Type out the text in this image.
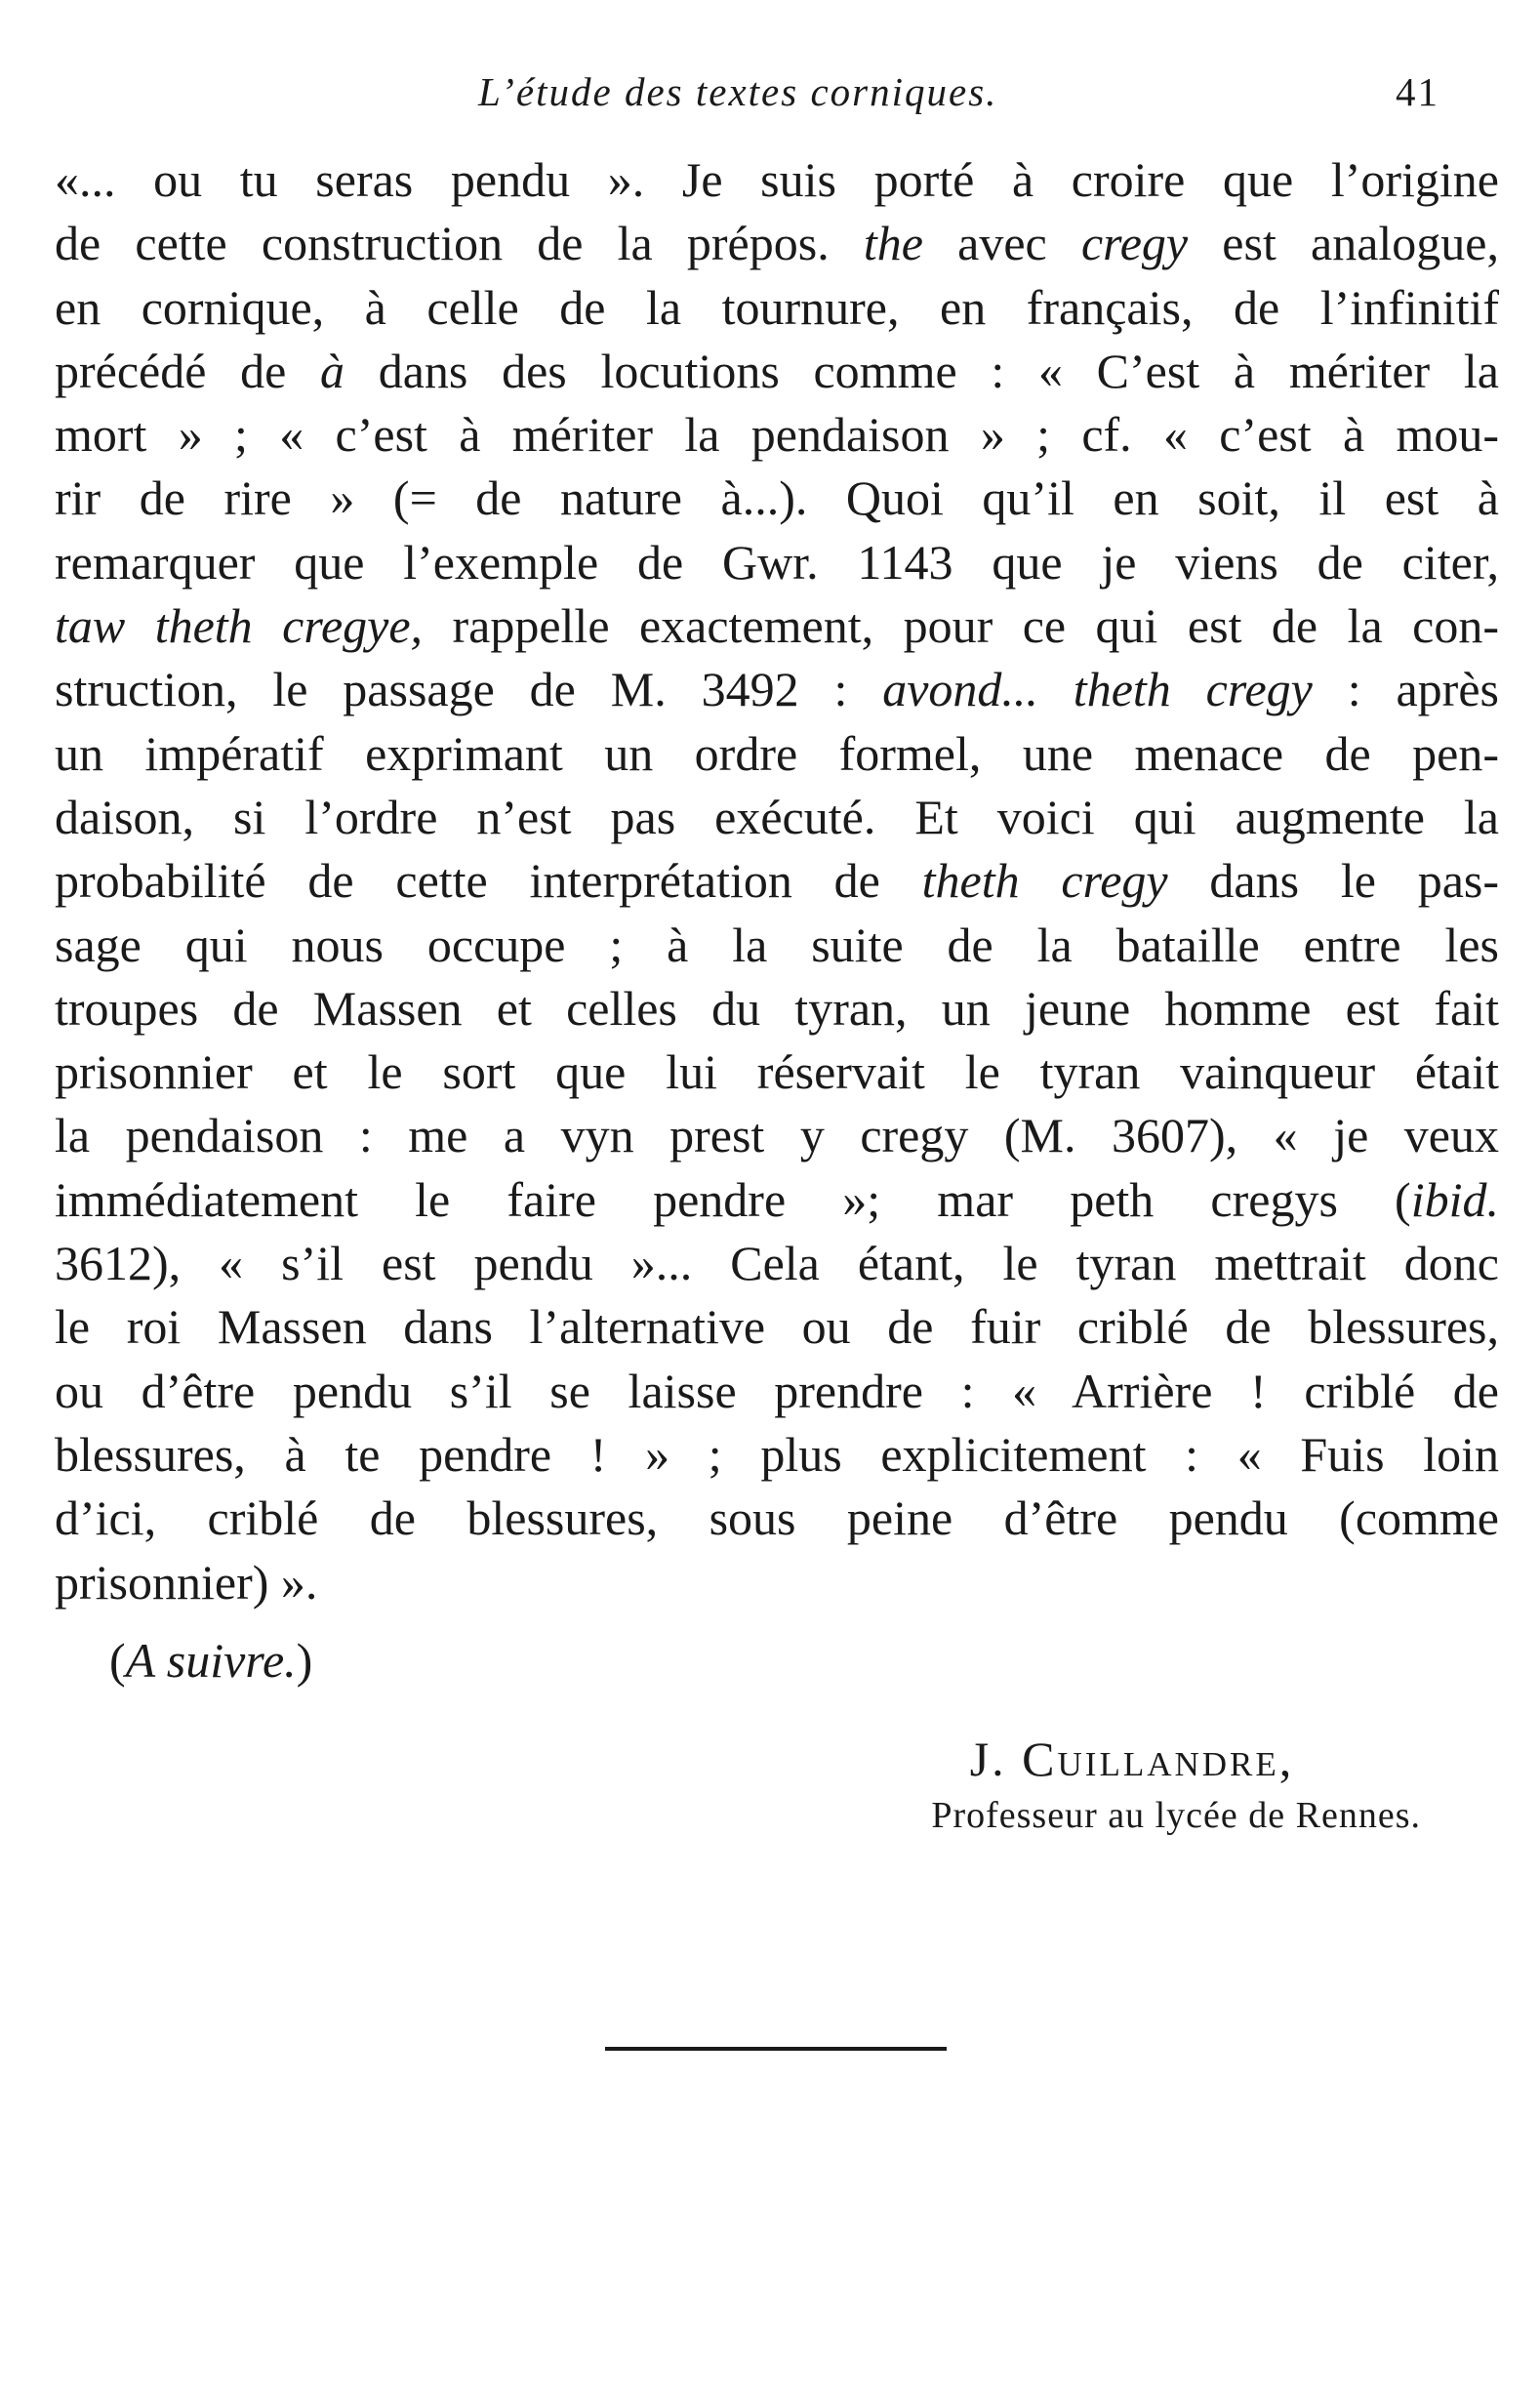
L’étude des textes corniques.	41
«... ou tu seras pendu ». Je suis porté à croire que l’origine
de cette construction de la prépos. the avec cregy est analogue,
en cornique, à celle de la tournure, en français, de l’infinitif
précédé de à dans des locutions comme : « C’est à mériter la
mort » ; « c’est à mériter la pendaison » ; cf. « c’est à mou-
rir de rire » (= de nature à...). Quoi qu’il en soit, il est à
remarquer que l’exemple de Gwr. 1143 que je viens de citer,
taw theth cregye, rappelle exactement, pour ce qui est de la con-
struction, le passage de M. 3492 : avond... theth cregy : après
un impératif exprimant un ordre formel, une menace de pen-
daison, si l’ordre n’est pas exécuté. Et voici qui augmente la
probabilité de cette interprétation de theth cregy dans le pas-
sage qui nous occupe ; à la suite de la bataille entre les
troupes de Massen et celles du tyran, un jeune homme est fait
prisonnier et le sort que lui réservait le tyran vainqueur était
la pendaison : me a vyn prest y cregy (M. 3607), « je veux
immédiatement le faire pendre »; mar peth cregys (ibid.
3612), « s’il est pendu »... Cela étant, le tyran mettrait donc
le roi Massen dans l’alternative ou de fuir criblé de blessures,
ou d’être pendu s’il se laisse prendre : « Arrière ! criblé de
blessures, à te pendre ! » ; plus explicitement : « Fuis loin
d’ici, criblé de blessures, sous peine d’être pendu (comme
prisonnier) ».
(A suivre.)
J. Cuillandre,
Professeur au lycée de Rennes.
